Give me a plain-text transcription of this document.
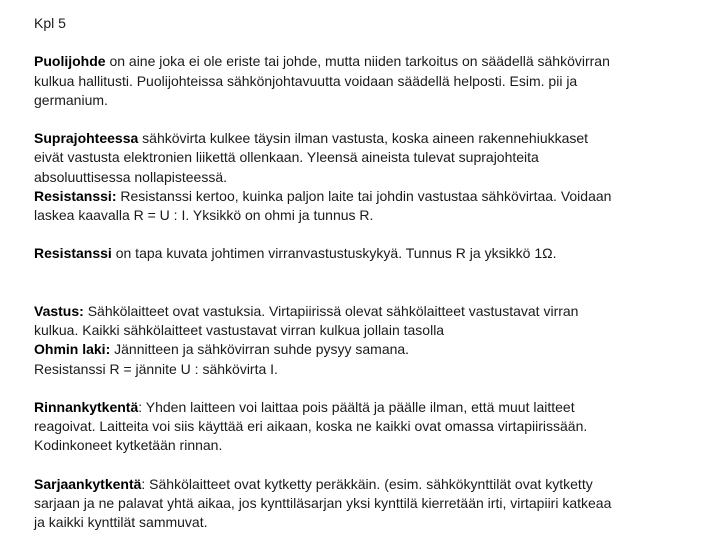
Kpl 5
Puolijohde on aine joka ei ole eriste tai johde, mutta niiden tarkoitus on säädellä sähkövirran
kulkua hallitusti. Puolijohteissa sähkönjohtavuutta voidaan säädellä helposti. Esim. pii ja
germanium.
Suprajohteessa sähkövirta kulkee täysin ilman vastusta, koska aineen rakennehiukkaset
eivät vastusta elektronien liikettä ollenkaan. Yleensä aineista tulevat suprajohteita
absoluuttisessa nollapisteessä.
Resistanssi: Resistanssi kertoo, kuinka paljon laite tai johdin vastustaa sähkövirtaa. Voidaan
laskea kaavalla R = U : I. Yksikkö on ohmi ja tunnus R.
Resistanssi on tapa kuvata johtimen virranvastustuskykyä. Tunnus R ja yksikkö 1Ω.
Vastus: Sähkölaitteet ovat vastuksia. Virtapiirissä olevat sähkölaitteet vastustavat virran
kulkua. Kaikki sähkölaitteet vastustavat virran kulkua jollain tasolla
Ohmin laki: Jännitteen ja sähkövirran suhde pysyy samana.
Resistanssi R = jännite U : sähkövirta I.
Rinnankytkentä: Yhden laitteen voi laittaa pois päältä ja päälle ilman, että muut laitteet
reagoivat. Laitteita voi siis käyttää eri aikaan, koska ne kaikki ovat omassa virtapiirissään.
Kodinkoneet kytketään rinnan.
Sarjaankytkentä: Sähkölaitteet ovat kytketty peräkkäin. (esim. sähkökynttilät ovat kytketty
sarjaan ja ne palavat yhtä aikaa, jos kynttiläsarjan yksi kynttilä kierretään irti, virtapiiri katkeaa
ja kaikki kynttilät sammuvat.
